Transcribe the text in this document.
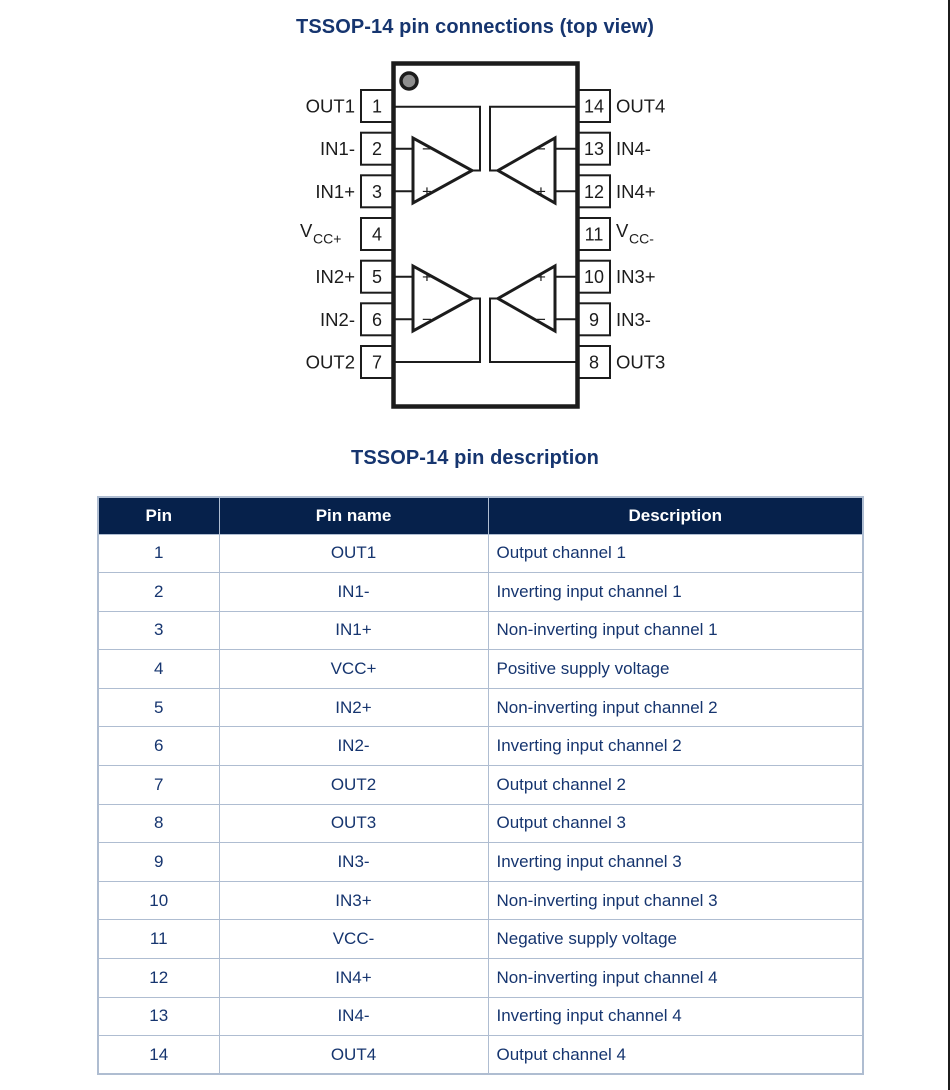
TSSOP-14 pin connections (top view)
−
+
−
+
+
−
+
−
1
2
3
4
5
6
7
OUT1
IN1-
IN1+
V CC+
IN2+
IN2-
OUT2
14
13
12
11
10
9
8
OUT4
IN4-
IN4+
V CC-
IN3+
IN3-
OUT3
TSSOP-14 pin description
Pin	Pin name	Description
1	OUT1	Output channel 1
2	IN1-	Inverting input channel 1
3	IN1+	Non-inverting input channel 1
4	VCC+	Positive supply voltage
5	IN2+	Non-inverting input channel 2
6	IN2-	Inverting input channel 2
7	OUT2	Output channel 2
8	OUT3	Output channel 3
9	IN3-	Inverting input channel 3
10	IN3+	Non-inverting input channel 3
11	VCC-	Negative supply voltage
12	IN4+	Non-inverting input channel 4
13	IN4-	Inverting input channel 4
14	OUT4	Output channel 4
